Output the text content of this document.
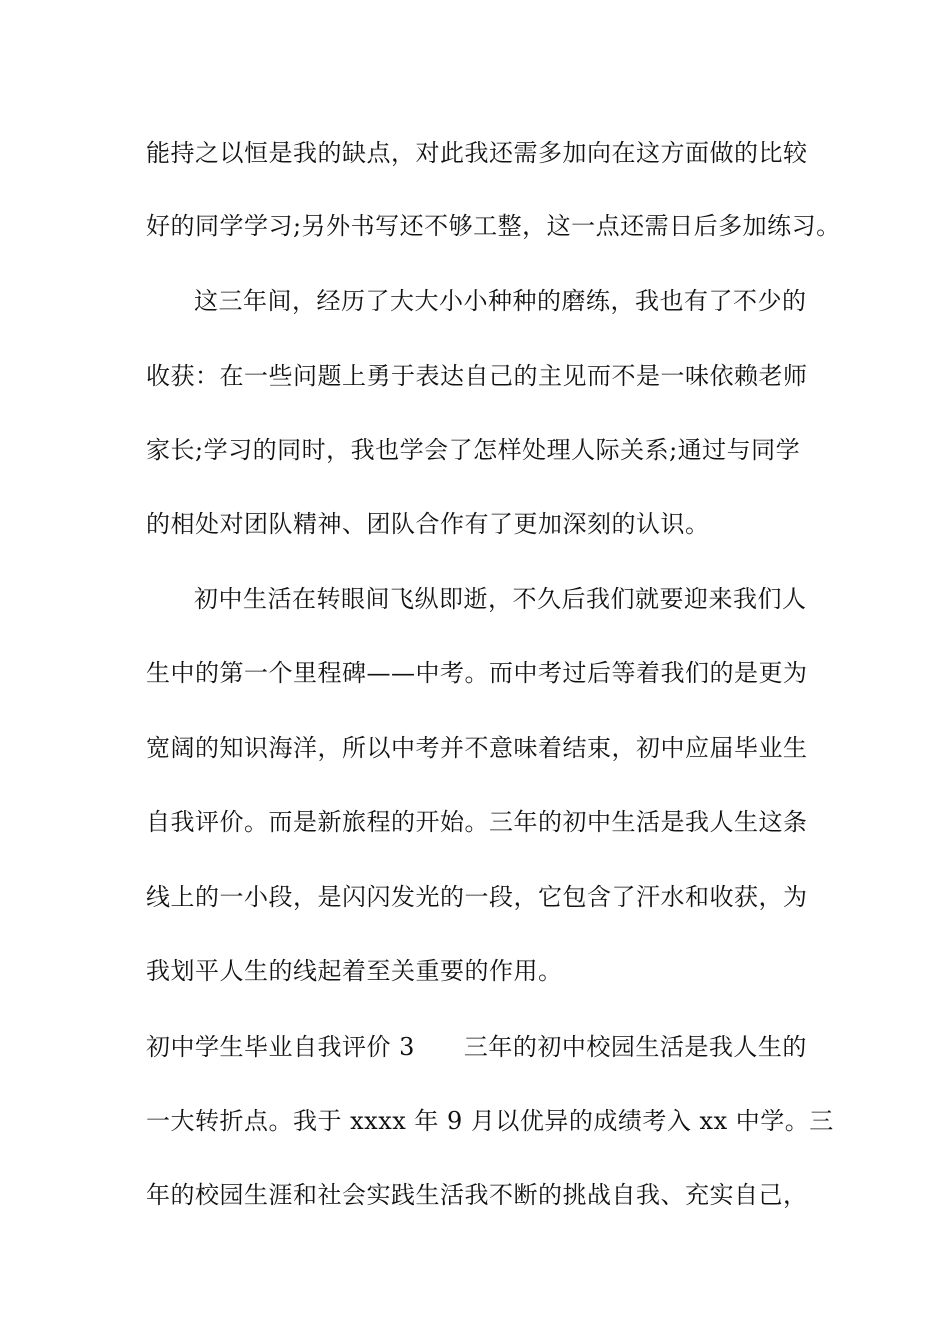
能持之以恒是我的缺点，对此我还需多加向在这方面做的比较
好的同学学习;另外书写还不够工整，这一点还需日后多加练习。
这三年间，经历了大大小小种种的磨练，我也有了不少的
收获：在一些问题上勇于表达自己的主见而不是一味依赖老师
家长;学习的同时，我也学会了怎样处理人际关系;通过与同学
的相处对团队精神、团队合作有了更加深刻的认识。
初中生活在转眼间飞纵即逝，不久后我们就要迎来我们人
生中的第一个里程碑——中考。而中考过后等着我们的是更为
宽阔的知识海洋，所以中考并不意味着结束，初中应届毕业生
自我评价。而是新旅程的开始。三年的初中生活是我人生这条
线上的一小段，是闪闪发光的一段，它包含了汗水和收获，为
我划平人生的线起着至关重要的作用。
初中学生毕业自我评价 3　　三年的初中校园生活是我人生的
一大转折点。我于 xxxx 年 9 月以优异的成绩考入 xx 中学。三
年的校园生涯和社会实践生活我不断的挑战自我、充实自己，
